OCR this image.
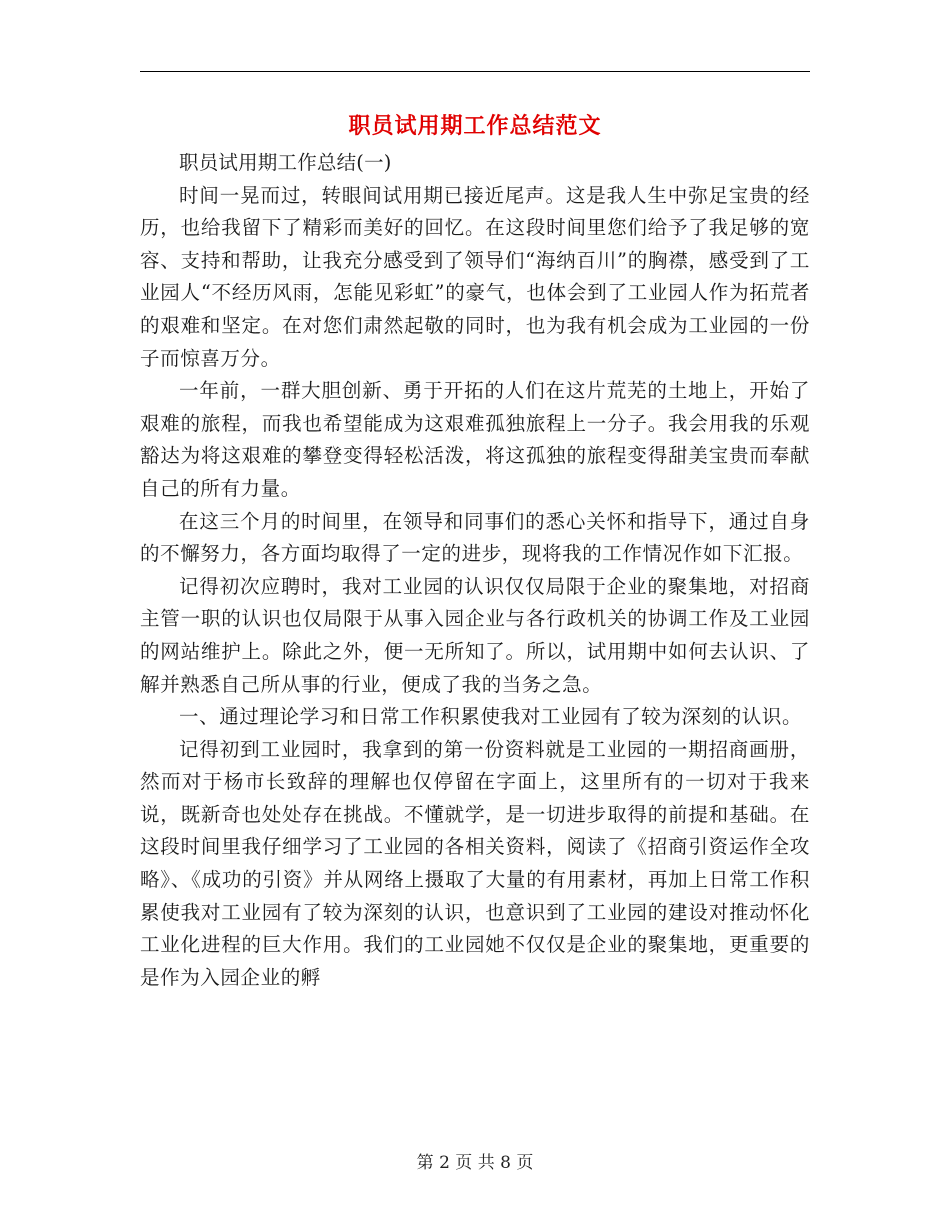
职员试用期工作总结范文

职员试用期工作总结(一)

时间一晃而过，转眼间试用期已接近尾声。这是我人生中弥足宝贵的经历，也给我留下了精彩而美好的回忆。在这段时间里您们给予了我足够的宽容、支持和帮助，让我充分感受到了领导们“海纳百川”的胸襟，感受到了工业园人“不经历风雨，怎能见彩虹”的豪气，也体会到了工业园人作为拓荒者的艰难和坚定。在对您们肃然起敬的同时，也为我有机会成为工业园的一份子而惊喜万分。

一年前，一群大胆创新、勇于开拓的人们在这片荒芜的土地上，开始了艰难的旅程，而我也希望能成为这艰难孤独旅程上一分子。我会用我的乐观豁达为将这艰难的攀登变得轻松活泼，将这孤独的旅程变得甜美宝贵而奉献自己的所有力量。

在这三个月的时间里，在领导和同事们的悉心关怀和指导下，通过自身的不懈努力，各方面均取得了一定的进步，现将我的工作情况作如下汇报。

记得初次应聘时，我对工业园的认识仅仅局限于企业的聚集地，对招商主管一职的认识也仅局限于从事入园企业与各行政机关的协调工作及工业园的网站维护上。除此之外，便一无所知了。所以，试用期中如何去认识、了解并熟悉自己所从事的行业，便成了我的当务之急。

一、通过理论学习和日常工作积累使我对工业园有了较为深刻的认识。

记得初到工业园时，我拿到的第一份资料就是工业园的一期招商画册，然而对于杨市长致辞的理解也仅停留在字面上，这里所有的一切对于我来说，既新奇也处处存在挑战。不懂就学，是一切进步取得的前提和基础。在这段时间里我仔细学习了工业园的各相关资料，阅读了《招商引资运作全攻略》、《成功的引资》并从网络上摄取了大量的有用素材，再加上日常工作积累使我对工业园有了较为深刻的认识，也意识到了工业园的建设对推动怀化工业化进程的巨大作用。我们的工业园她不仅仅是企业的聚集地，更重要的是作为入园企业的孵

第 2 页 共 8 页
